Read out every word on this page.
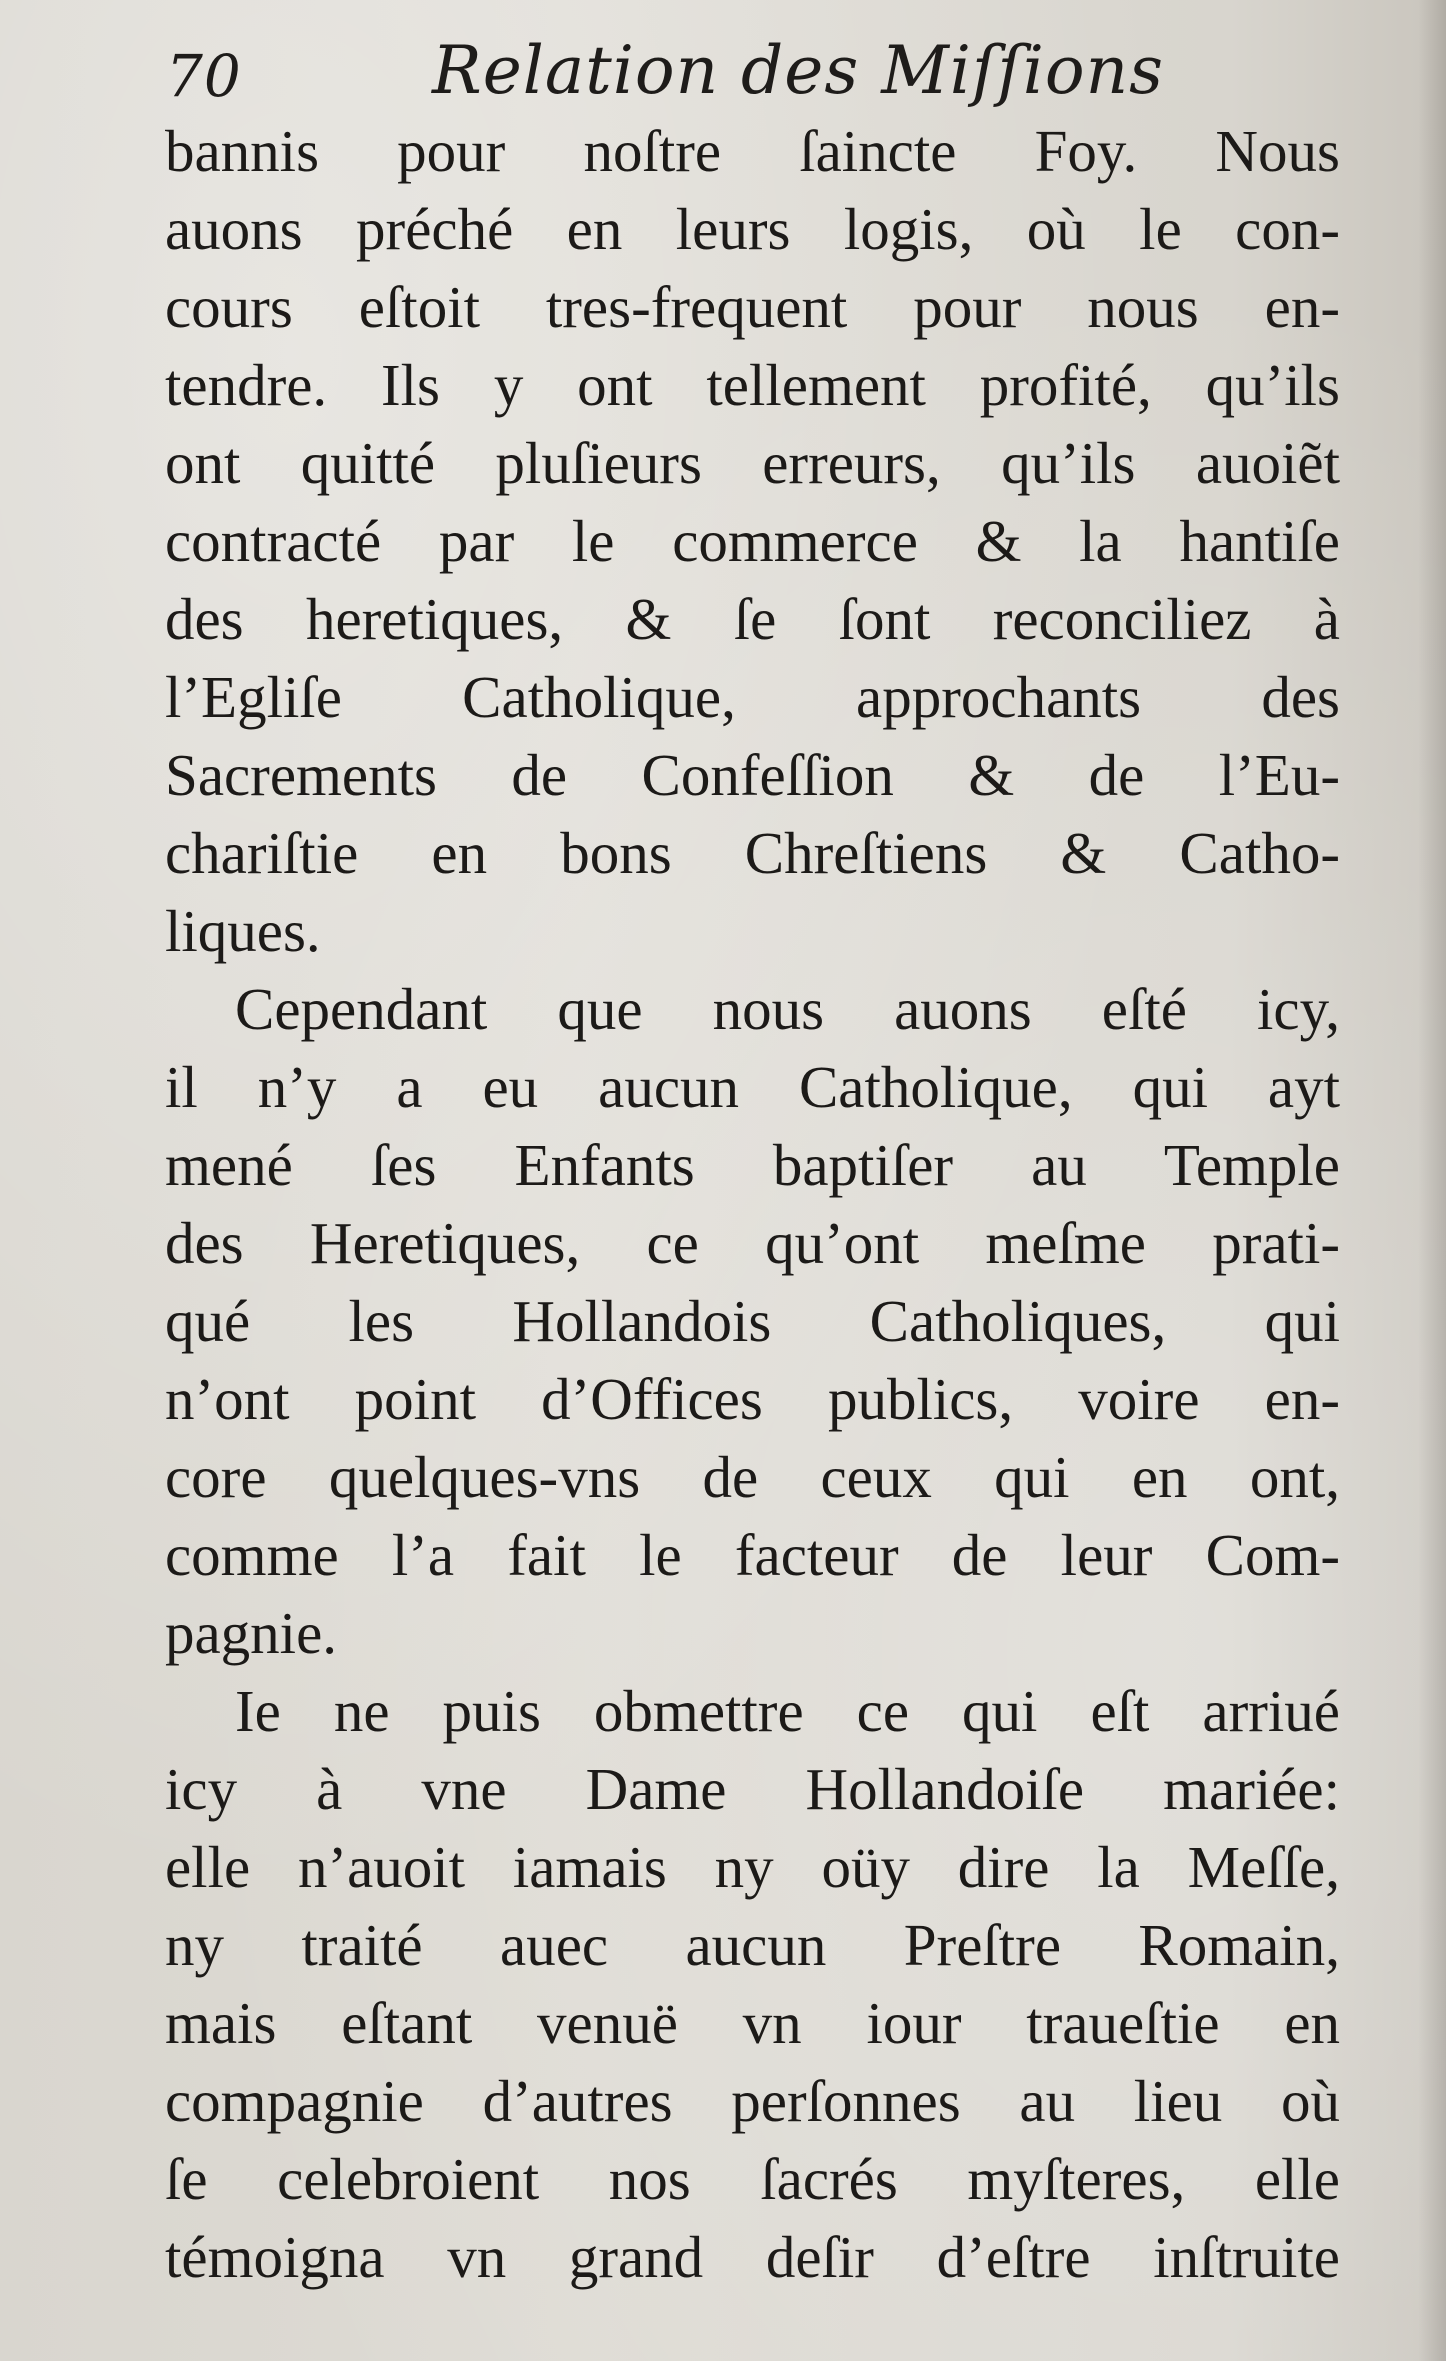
70	Relation des Miſſions
bannis pour noſtre ſaincte Foy. Nous
auons préché en leurs logis, où le con-
cours eſtoit tres-frequent pour nous en-
tendre. Ils y ont tellement profité, qu’ils
ont quitté pluſieurs erreurs, qu’ils auoiẽt
contracté par le commerce & la hantiſe
des heretiques, & ſe ſont reconciliez à
l’Egliſe Catholique, approchants des
Sacrements de Confeſſion & de l’Eu-
chariſtie en bons Chreſtiens & Catho-
liques.
Cependant que nous auons eſté icy,
il n’y a eu aucun Catholique, qui ayt
mené ſes Enfants baptiſer au Temple
des Heretiques, ce qu’ont meſme prati-
qué les Hollandois Catholiques, qui
n’ont point d’Offices publics, voire en-
core quelques-vns de ceux qui en ont,
comme l’a fait le facteur de leur Com-
pagnie.
Ie ne puis obmettre ce qui eſt arriué
icy à vne Dame Hollandoiſe mariée:
elle n’auoit iamais ny oüy dire la Meſſe,
ny traité auec aucun Preſtre Romain,
mais eſtant venuë vn iour traueſtie en
compagnie d’autres perſonnes au lieu où
ſe celebroient nos ſacrés myſteres, elle
témoigna vn grand deſir d’eſtre inſtruite
